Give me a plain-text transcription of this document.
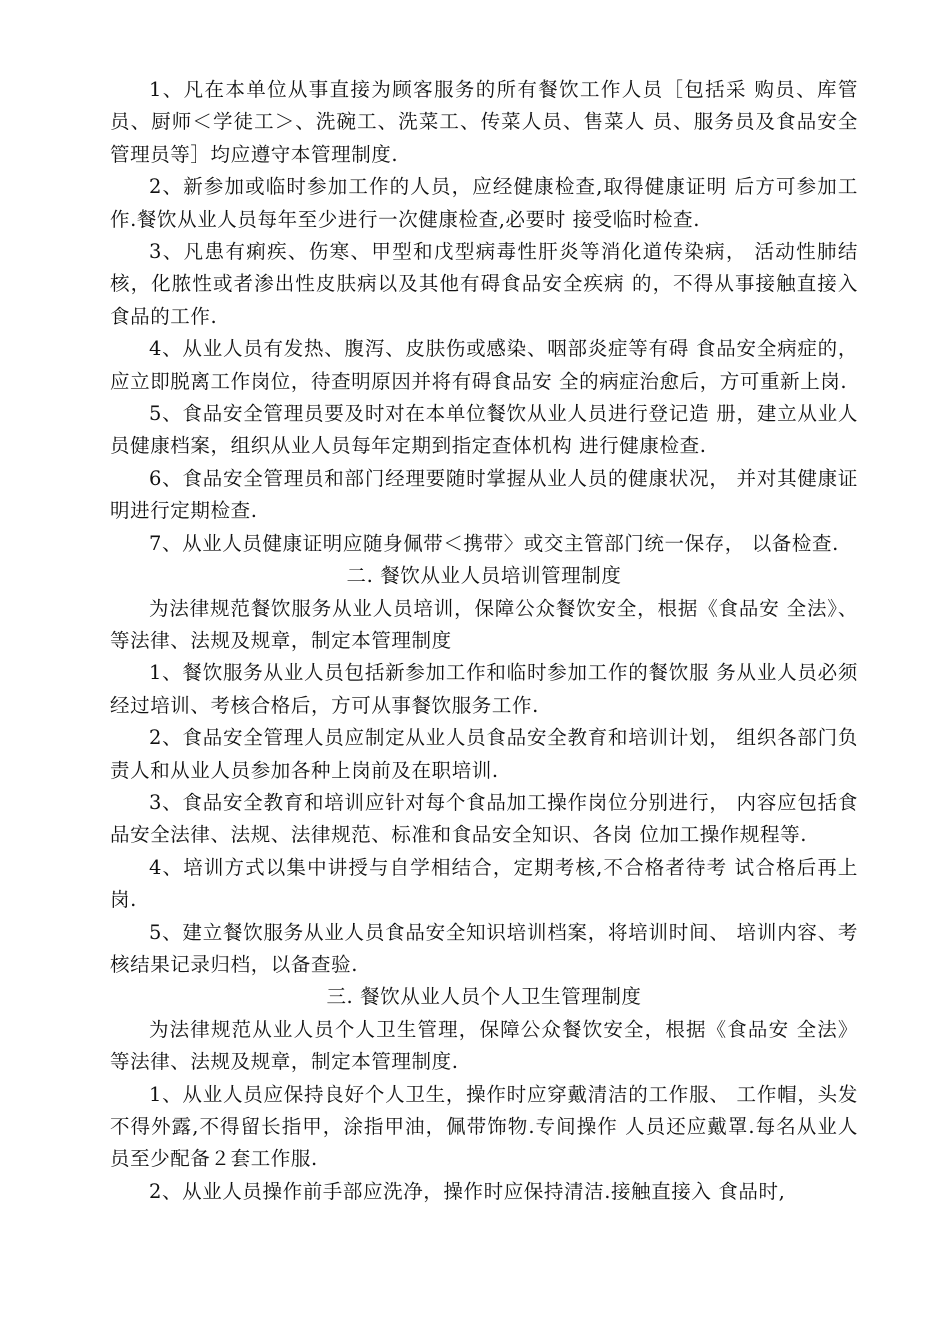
1、凡在本单位从事直接为顾客服务的所有餐饮工作人员［包括采 购员、库管员、厨师＜学徒工＞、洗碗工、洗菜工、传菜人员、售菜人 员、服务员及食品安全管理员等］均应遵守本管理制度.

2、新参加或临时参加工作的人员，应经健康检查,取得健康证明 后方可参加工作.餐饮从业人员每年至少进行一次健康检查,必要时 接受临时检查.

3、凡患有痢疾、伤寒、甲型和戊型病毒性肝炎等消化道传染病， 活动性肺结核，化脓性或者渗出性皮肤病以及其他有碍食品安全疾病 的，不得从事接触直接入食品的工作.

4、从业人员有发热、腹泻、皮肤伤或感染、咽部炎症等有碍 食品安全病症的，应立即脱离工作岗位，待查明原因并将有碍食品安 全的病症治愈后，方可重新上岗.

5、食品安全管理员要及时对在本单位餐饮从业人员进行登记造 册，建立从业人员健康档案，组织从业人员每年定期到指定查体机构 进行健康检查.

6、食品安全管理员和部门经理要随时掌握从业人员的健康状况， 并对其健康证明进行定期检查.

7、从业人员健康证明应随身佩带＜携带〉或交主管部门统一保存， 以备检查.

二. 餐饮从业人员培训管理制度

为法律规范餐饮服务从业人员培训，保障公众餐饮安全，根据《食品安 全法》、等法律、法规及规章，制定本管理制度

1、餐饮服务从业人员包括新参加工作和临时参加工作的餐饮服 务从业人员必须经过培训、考核合格后，方可从事餐饮服务工作.

2、食品安全管理人员应制定从业人员食品安全教育和培训计划， 组织各部门负责人和从业人员参加各种上岗前及在职培训.

3、食品安全教育和培训应针对每个食品加工操作岗位分别进行， 内容应包括食品安全法律、法规、法律规范、标准和食品安全知识、各岗 位加工操作规程等.

4、培训方式以集中讲授与自学相结合，定期考核,不合格者待考 试合格后再上岗.

5、建立餐饮服务从业人员食品安全知识培训档案，将培训时间、 培训内容、考核结果记录归档，以备查验.

三. 餐饮从业人员个人卫生管理制度

为法律规范从业人员个人卫生管理，保障公众餐饮安全，根据《食品安 全法》等法律、法规及规章，制定本管理制度.

1、从业人员应保持良好个人卫生，操作时应穿戴清洁的工作服、 工作帽，头发不得外露,不得留长指甲，涂指甲油，佩带饰物.专间操作 人员还应戴罩.每名从业人员至少配备２套工作服.

2、从业人员操作前手部应洗净，操作时应保持清洁.接触直接入 食品时,
